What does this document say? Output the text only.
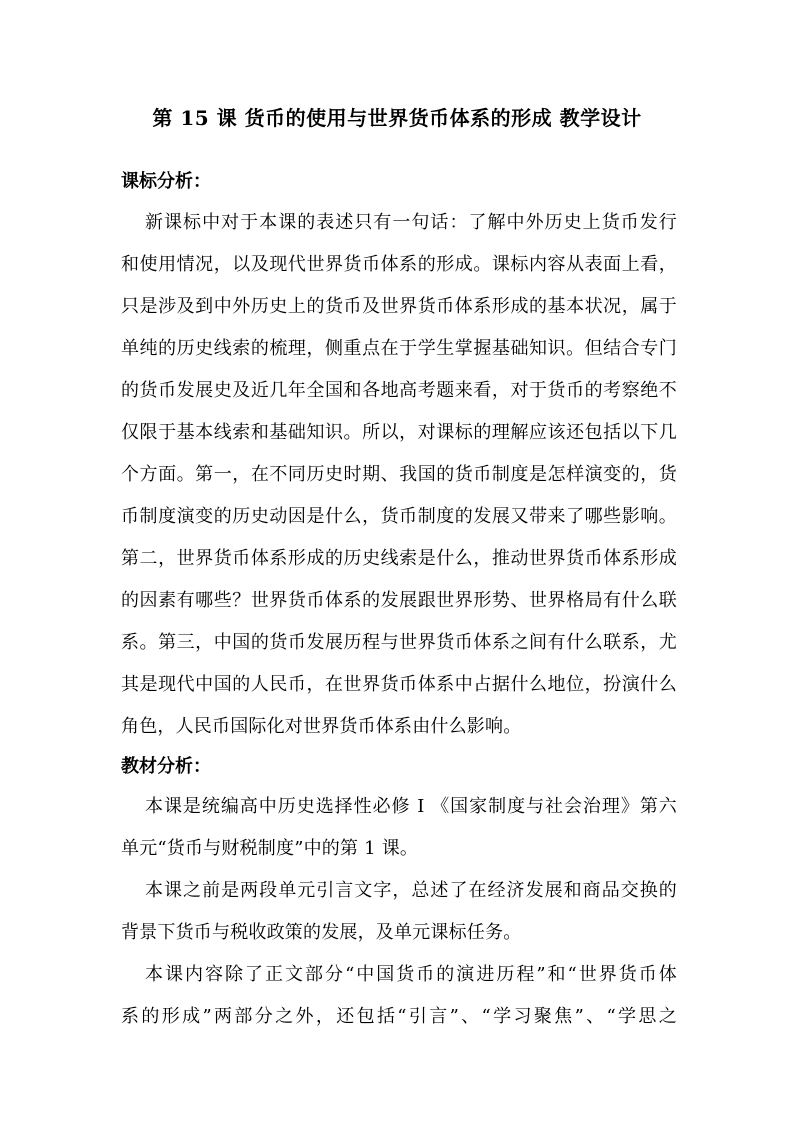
第 15 课 货币的使用与世界货币体系的形成 教学设计
课标分析：
新课标中对于本课的表述只有一句话：了解中外历史上货币发行
和使用情况，以及现代世界货币体系的形成。课标内容从表面上看，
只是涉及到中外历史上的货币及世界货币体系形成的基本状况，属于
单纯的历史线索的梳理，侧重点在于学生掌握基础知识。但结合专门
的货币发展史及近几年全国和各地高考题来看，对于货币的考察绝不
仅限于基本线索和基础知识。所以，对课标的理解应该还包括以下几
个方面。第一，在不同历史时期、我国的货币制度是怎样演变的，货
币制度演变的历史动因是什么，货币制度的发展又带来了哪些影响。
第二，世界货币体系形成的历史线索是什么，推动世界货币体系形成
的因素有哪些？世界货币体系的发展跟世界形势、世界格局有什么联
系。第三，中国的货币发展历程与世界货币体系之间有什么联系，尤
其是现代中国的人民币，在世界货币体系中占据什么地位，扮演什么
角色，人民币国际化对世界货币体系由什么影响。
教材分析：
本课是统编高中历史选择性必修 I 《国家制度与社会治理》第六
单元“货币与财税制度”中的第 1 课。
本课之前是两段单元引言文字，总述了在经济发展和商品交换的
背景下货币与税收政策的发展，及单元课标任务。
本课内容除了正文部分“中国货币的演进历程”和“世界货币体
系的形成”两部分之外，还包括“引言”、“学习聚焦”、“学思之
